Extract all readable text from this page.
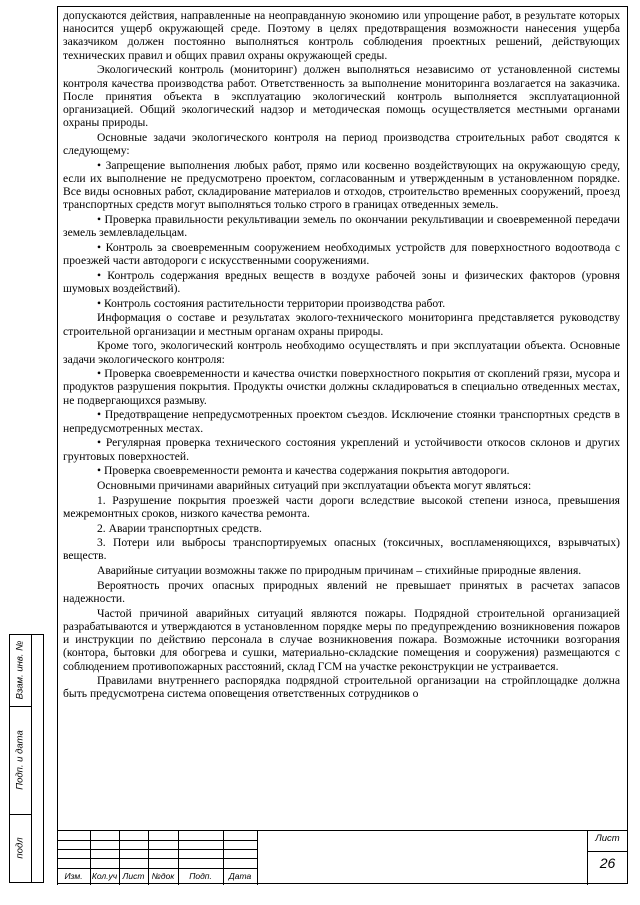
допускаются действия, направленные на неоправданную экономию или упрощение работ, в результате которых наносится ущерб окружающей среде. Поэтому в целях предотвращения возможности нанесения ущерба заказчиком должен постоянно выполняться контроль соблюдения проектных решений, действующих технических правил и общих правил охраны окружающей среды.

Экологический контроль (мониторинг) должен выполняться независимо от установленной системы контроля качества производства работ. Ответственность за выполнение мониторинга возлагается на заказчика. После принятия объекта в эксплуатацию экологический контроль выполняется эксплуатационной организацией. Общий экологический надзор и методическая помощь осуществляется местными органами охраны природы.

Основные задачи экологического контроля на период производства строительных работ сводятся к следующему:

• Запрещение выполнения любых работ, прямо или косвенно воздействующих на окружающую среду, если их выполнение не предусмотрено проектом, согласованным и утвержденным в установленном порядке. Все виды основных работ, складирование материалов и отходов, строительство временных сооружений, проезд транспортных средств могут выполняться только строго в границах отведенных земель.

• Проверка правильности рекультивации земель по окончании рекультивации и своевременной передачи земель землевладельцам.

• Контроль за своевременным сооружением необходимых устройств для поверхностного водоотвода с проезжей части автодороги с искусственными сооружениями.

• Контроль содержания вредных веществ в воздухе рабочей зоны и физических факторов (уровня шумовых воздействий).

• Контроль состояния растительности территории производства работ.

Информация о составе и результатах эколого-технического мониторинга представляется руководству строительной организации и местным органам охраны природы.

Кроме того, экологический контроль необходимо осуществлять и при эксплуатации объекта. Основные задачи экологического контроля:

• Проверка своевременности и качества очистки поверхностного покрытия от скоплений грязи, мусора и продуктов разрушения покрытия. Продукты очистки должны складироваться в специально отведенных местах, не подвергающихся размыву.

• Предотвращение непредусмотренных проектом съездов. Исключение стоянки транспортных средств в непредусмотренных местах.

• Регулярная проверка технического состояния укреплений и устойчивости откосов склонов и других грунтовых поверхностей.

• Проверка своевременности ремонта и качества содержания покрытия автодороги.

Основными причинами аварийных ситуаций при эксплуатации объекта могут являться:

1. Разрушение покрытия проезжей части дороги вследствие высокой степени износа, превышения межремонтных сроков, низкого качества ремонта.

2. Аварии транспортных средств.

3. Потери или выбросы транспортируемых опасных (токсичных, воспламеняющихся, взрывчатых) веществ.

Аварийные ситуации возможны также по природным причинам – стихийные природные явления.

Вероятность прочих опасных природных явлений не превышает принятых в расчетах запасов надежности.

Частой причиной аварийных ситуаций являются пожары. Подрядной строительной организацией разрабатываются и утверждаются в установленном порядке меры по предупреждению возникновения пожаров и инструкции по действию персонала в случае возникновения пожара. Возможные источники возгорания (контора, бытовки для обогрева и сушки, материально-складские помещения и сооружения) размещаются с соблюдением противопожарных расстояний, склад ГСМ на участке реконструкции не устраивается.

Правилами внутреннего распорядка подрядной строительной организации на стройплощадке должна быть предусмотрена система оповещения ответственных сотрудников о

Взам. инв. №
Подп. и дата
подл
Изм.	Кол.уч Лист №док	Подп.	Дата
Лист
26
